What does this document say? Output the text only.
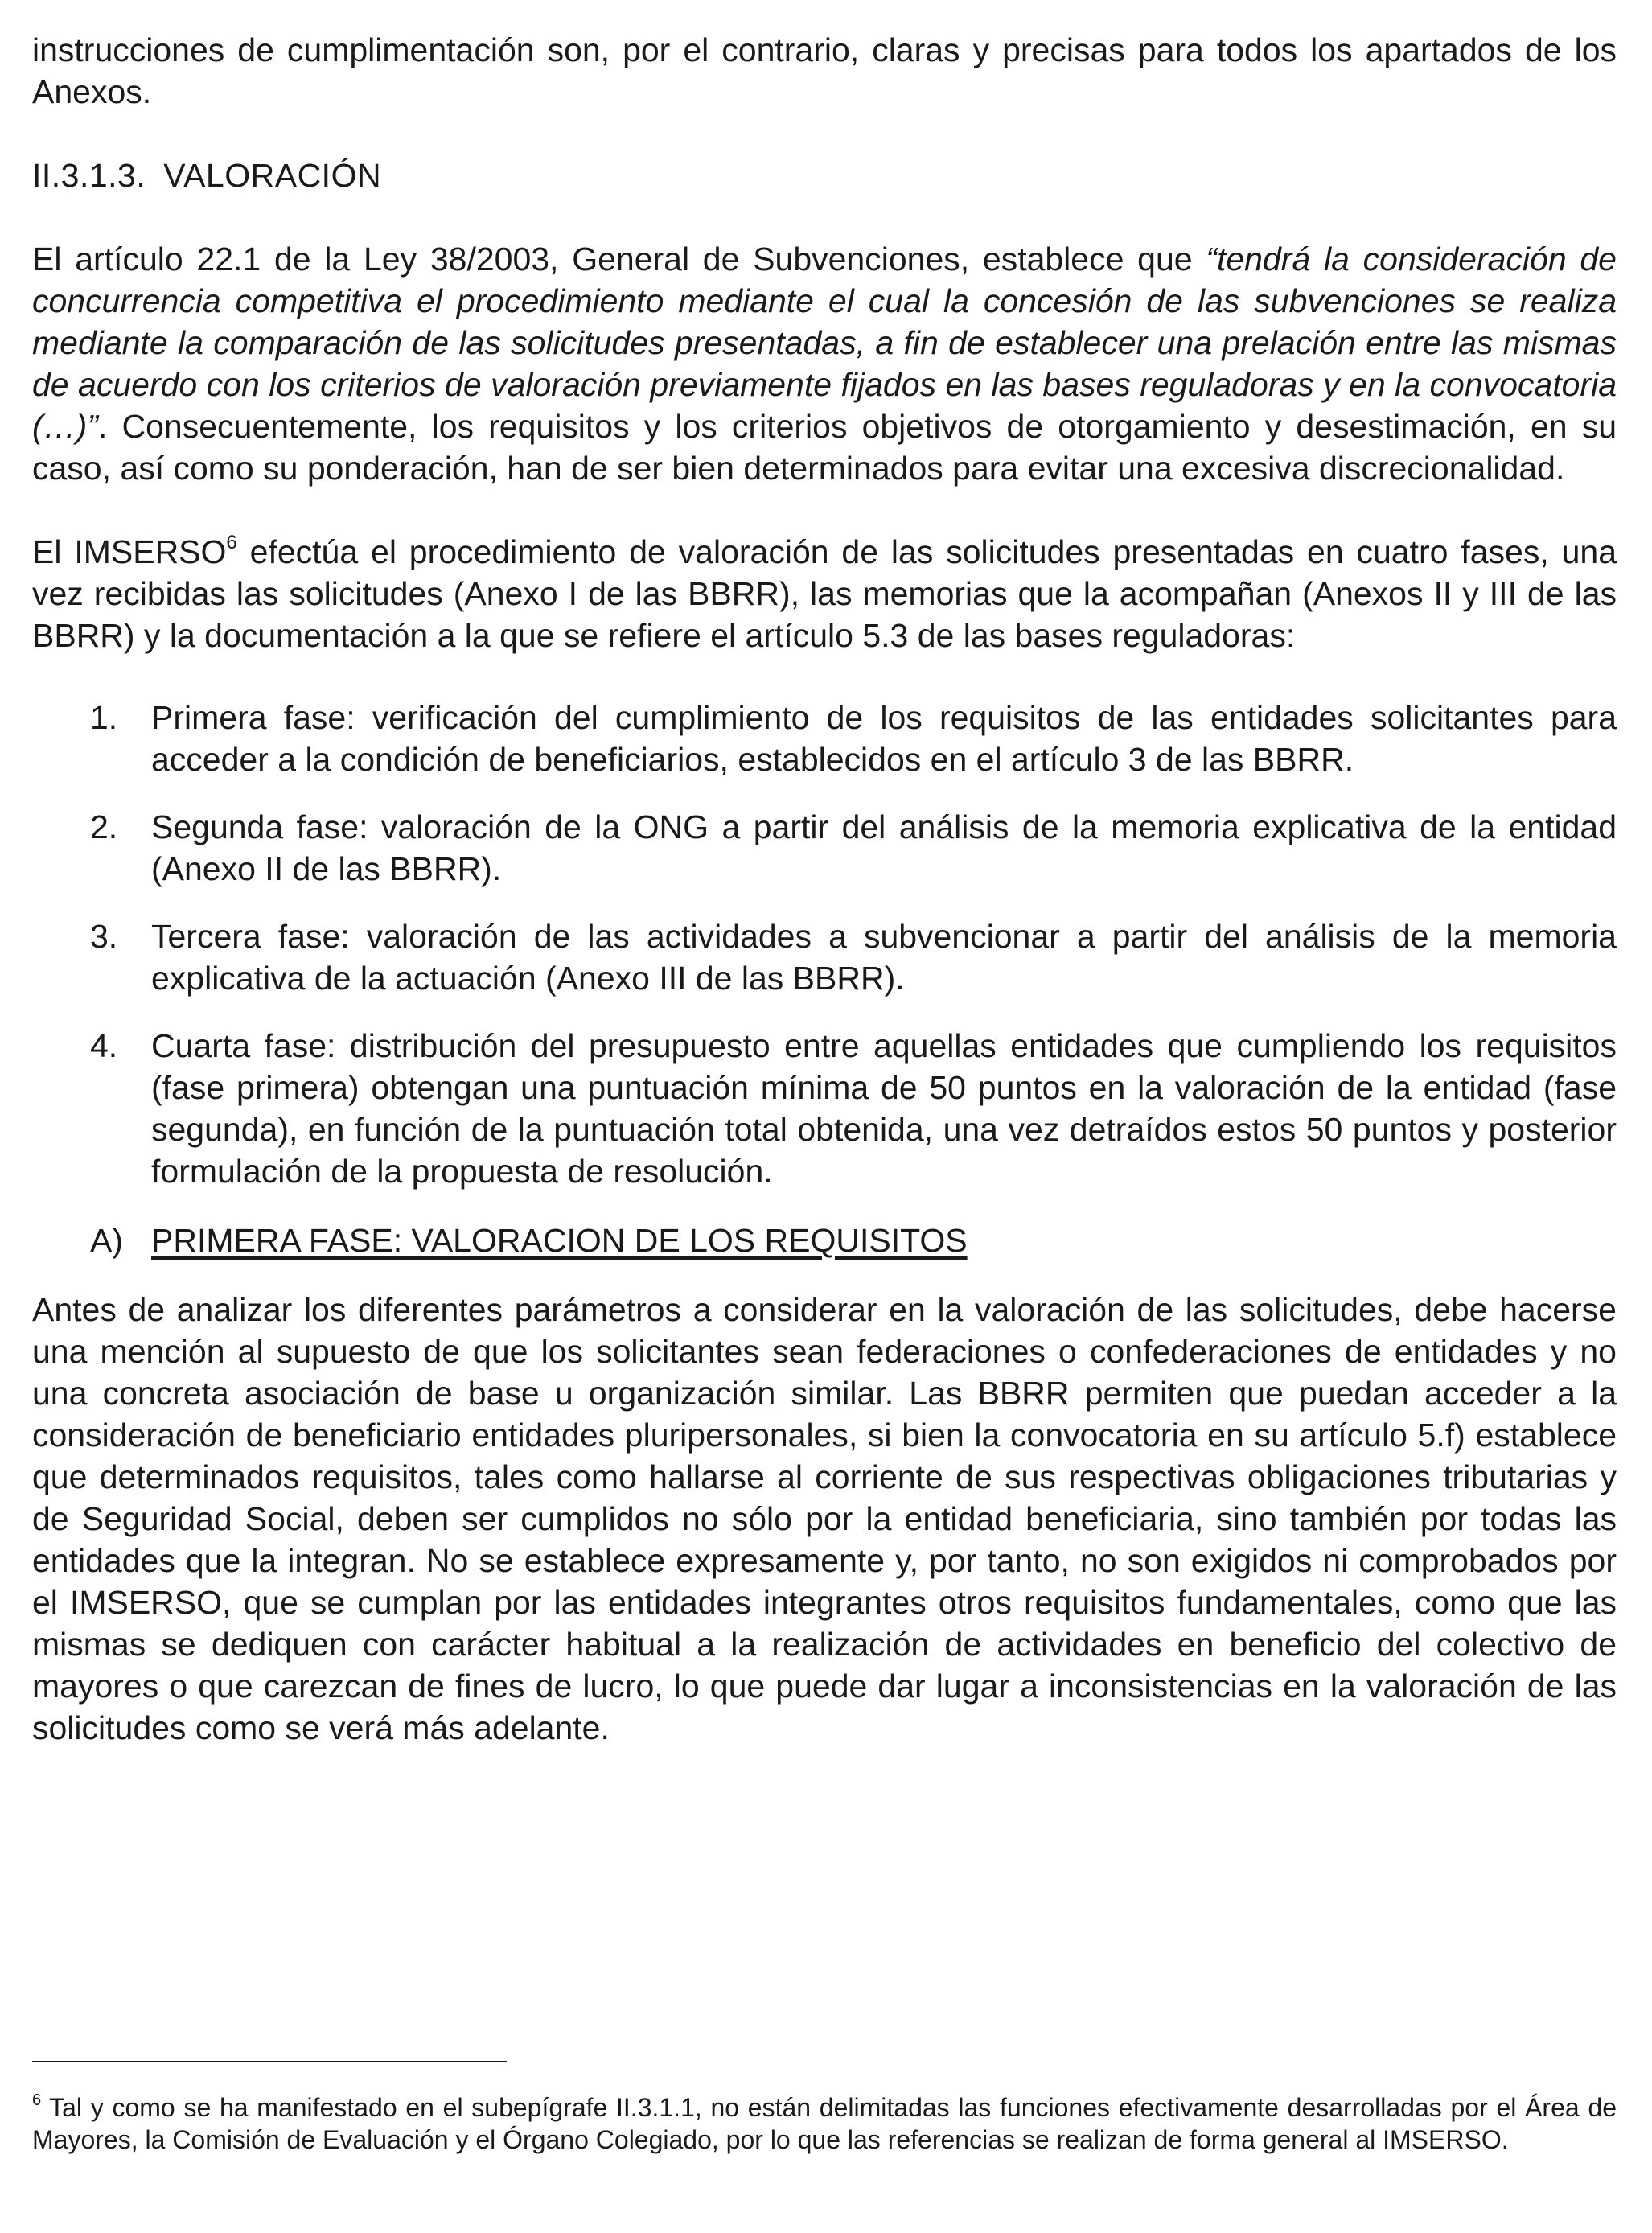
instrucciones de cumplimentación son, por el contrario, claras y precisas para todos los apartados de los Anexos.

II.3.1.3. VALORACIÓN

El artículo 22.1 de la Ley 38/2003, General de Subvenciones, establece que “tendrá la consideración de concurrencia competitiva el procedimiento mediante el cual la concesión de las subvenciones se realiza mediante la comparación de las solicitudes presentadas, a fin de establecer una prelación entre las mismas de acuerdo con los criterios de valoración previamente fijados en las bases reguladoras y en la convocatoria (…)”. Consecuentemente, los requisitos y los criterios objetivos de otorgamiento y desestimación, en su caso, así como su ponderación, han de ser bien determinados para evitar una excesiva discrecionalidad.

El IMSERSO$^6$ efectúa el procedimiento de valoración de las solicitudes presentadas en cuatro fases, una vez recibidas las solicitudes (Anexo I de las BBRR), las memorias que la acompañan (Anexos II y III de las BBRR) y la documentación a la que se refiere el artículo 5.3 de las bases reguladoras:

1. Primera fase: verificación del cumplimiento de los requisitos de las entidades solicitantes para acceder a la condición de beneficiarios, establecidos en el artículo 3 de las BBRR.
2. Segunda fase: valoración de la ONG a partir del análisis de la memoria explicativa de la entidad (Anexo II de las BBRR).
3. Tercera fase: valoración de las actividades a subvencionar a partir del análisis de la memoria explicativa de la actuación (Anexo III de las BBRR).
4. Cuarta fase: distribución del presupuesto entre aquellas entidades que cumpliendo los requisitos (fase primera) obtengan una puntuación mínima de 50 puntos en la valoración de la entidad (fase segunda), en función de la puntuación total obtenida, una vez detraídos estos 50 puntos y posterior formulación de la propuesta de resolución.

A) PRIMERA FASE: VALORACION DE LOS REQUISITOS

Antes de analizar los diferentes parámetros a considerar en la valoración de las solicitudes, debe hacerse una mención al supuesto de que los solicitantes sean federaciones o confederaciones de entidades y no una concreta asociación de base u organización similar. Las BBRR permiten que puedan acceder a la consideración de beneficiario entidades pluripersonales, si bien la convocatoria en su artículo 5.f) establece que determinados requisitos, tales como hallarse al corriente de sus respectivas obligaciones tributarias y de Seguridad Social, deben ser cumplidos no sólo por la entidad beneficiaria, sino también por todas las entidades que la integran. No se establece expresamente y, por tanto, no son exigidos ni comprobados por el IMSERSO, que se cumplan por las entidades integrantes otros requisitos fundamentales, como que las mismas se dediquen con carácter habitual a la realización de actividades en beneficio del colectivo de mayores o que carezcan de fines de lucro, lo que puede dar lugar a inconsistencias en la valoración de las solicitudes como se verá más adelante.

$^6$ Tal y como se ha manifestado en el subepígrafe II.3.1.1, no están delimitadas las funciones efectivamente desarrolladas por el Área de Mayores, la Comisión de Evaluación y el Órgano Colegiado, por lo que las referencias se realizan de forma general al IMSERSO.
